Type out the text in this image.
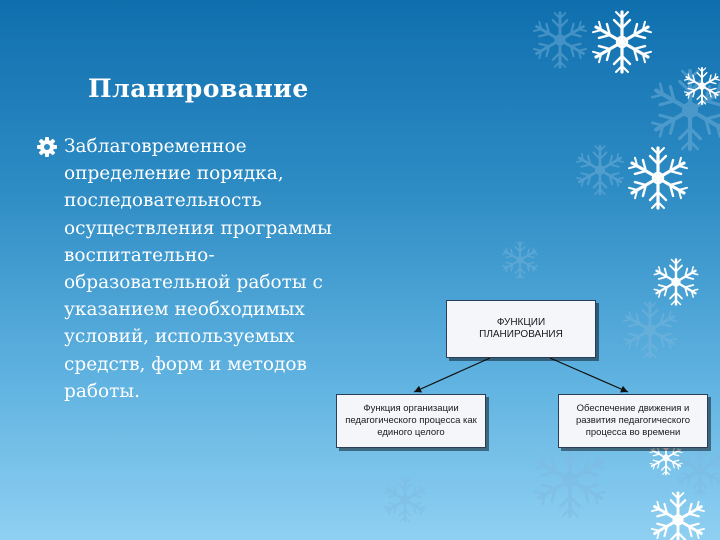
Планирование

Заблаговременное
определение порядка,
последовательность
осуществления программы
воспитательно-
образовательной работы с
указанием необходимых
условий, используемых
средств, форм и методов
работы.

ФУНКЦИИ
ПЛАНИРОВАНИЯ
Функция организации педагогического процесса как единого целого
Обеспечение движения и развития педагогического процесса во времени
